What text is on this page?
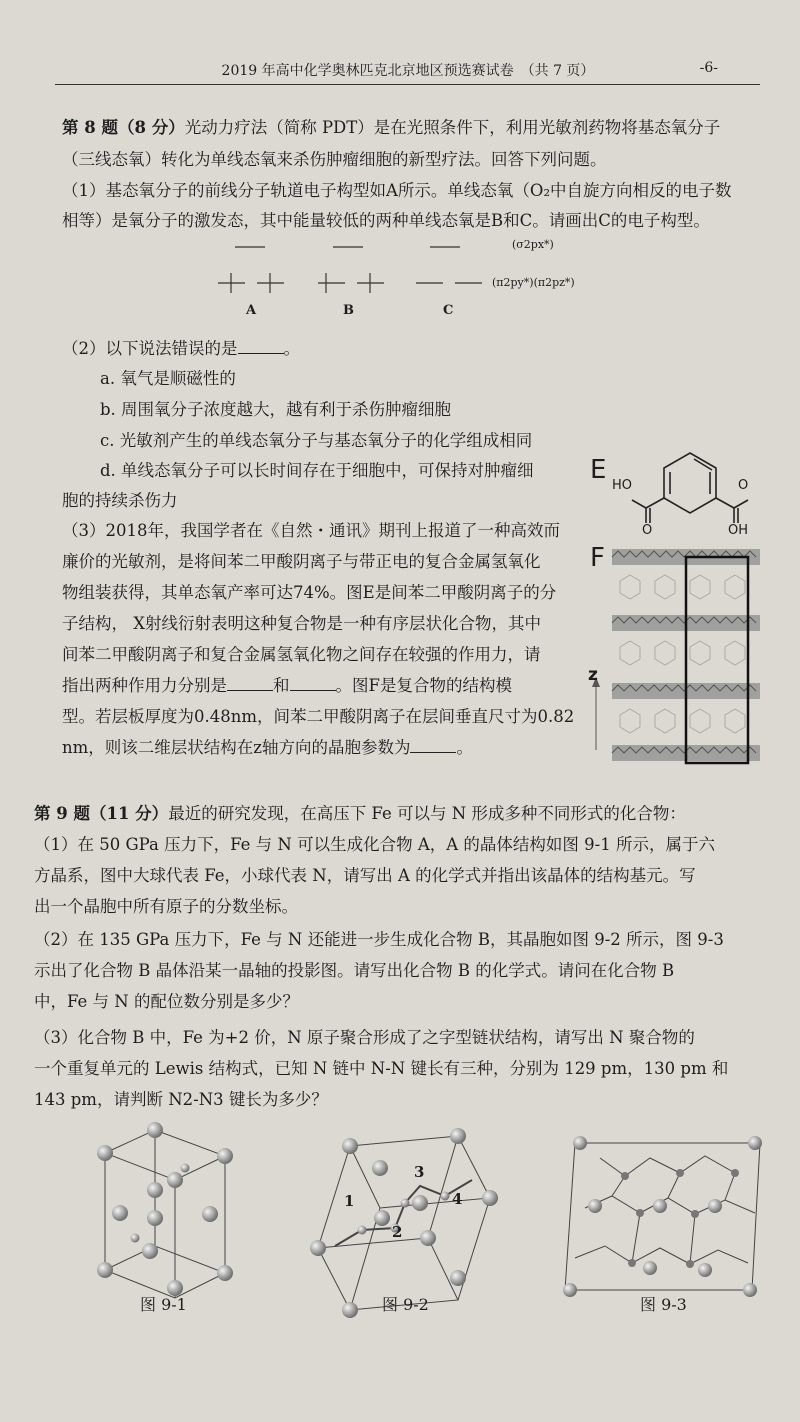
2019 年高中化学奥林匹克北京地区预选赛试卷　（共 7 页）	-6-
第 8 题（8 分）光动力疗法（简称 PDT）是在光照条件下，利用光敏剂药物将基态氧分子
（三线态氧）转化为单线态氧来杀伤肿瘤细胞的新型疗法。回答下列问题。
（1）基态氧分子的前线分子轨道电子构型如A所示。单线态氧（O₂中自旋方向相反的电子数
相等）是氧分子的激发态，其中能量较低的两种单线态氧是B和C。请画出C的电子构型。
(σ2px*)
(π2py*)(π2pz*)
A	B	C
（2）以下说法错误的是	。
a. 氧气是顺磁性的
b. 周围氧分子浓度越大，越有利于杀伤肿瘤细胞
c. 光敏剂产生的单线态氧分子与基态氧分子的化学组成相同
d. 单线态氧分子可以长时间存在于细胞中，可保持对肿瘤细
胞的持续杀伤力
（3）2018年，我国学者在《自然・通讯》期刊上报道了一种高效而
廉价的光敏剂，是将间苯二甲酸阴离子与带正电的复合金属氢氧化
物组装获得，其单态氧产率可达74%。图E是间苯二甲酸阴离子的分
子结构， X射线衍射表明这种复合物是一种有序层状化合物，其中
间苯二甲酸阴离子和复合金属氢氧化物之间存在较强的作用力，请
指出两种作用力分别是	和	。图F是复合物的结构模
型。若层板厚度为0.48nm，间苯二甲酸阴离子在层间垂直尺寸为0.82
nm，则该二维层状结构在z轴方向的晶胞参数为	。
E
HO
O
O
OH
F
z
第 9 题（11 分）最近的研究发现，在高压下 Fe 可以与 N 形成多种不同形式的化合物：
（1）在 50 GPa 压力下，Fe 与 N 可以生成化合物 A，A 的晶体结构如图 9-1 所示，属于六
方晶系，图中大球代表 Fe，小球代表 N，请写出 A 的化学式并指出该晶体的结构基元。写
出一个晶胞中所有原子的分数坐标。
（2）在 135 GPa 压力下，Fe 与 N 还能进一步生成化合物 B，其晶胞如图 9-2 所示，图 9-3
示出了化合物 B 晶体沿某一晶轴的投影图。请写出化合物 B 的化学式。请问在化合物 B
中，Fe 与 N 的配位数分别是多少？
（3）化合物 B 中，Fe 为+2 价，N 原子聚合形成了之字型链状结构，请写出 N 聚合物的
一个重复单元的 Lewis 结构式，已知 N 链中 N-N 键长有三种，分别为 129 pm，130 pm 和
143 pm，请判断 N2-N3 键长为多少？
1
2
3
4
图 9-1	图 9-2	图 9-3
